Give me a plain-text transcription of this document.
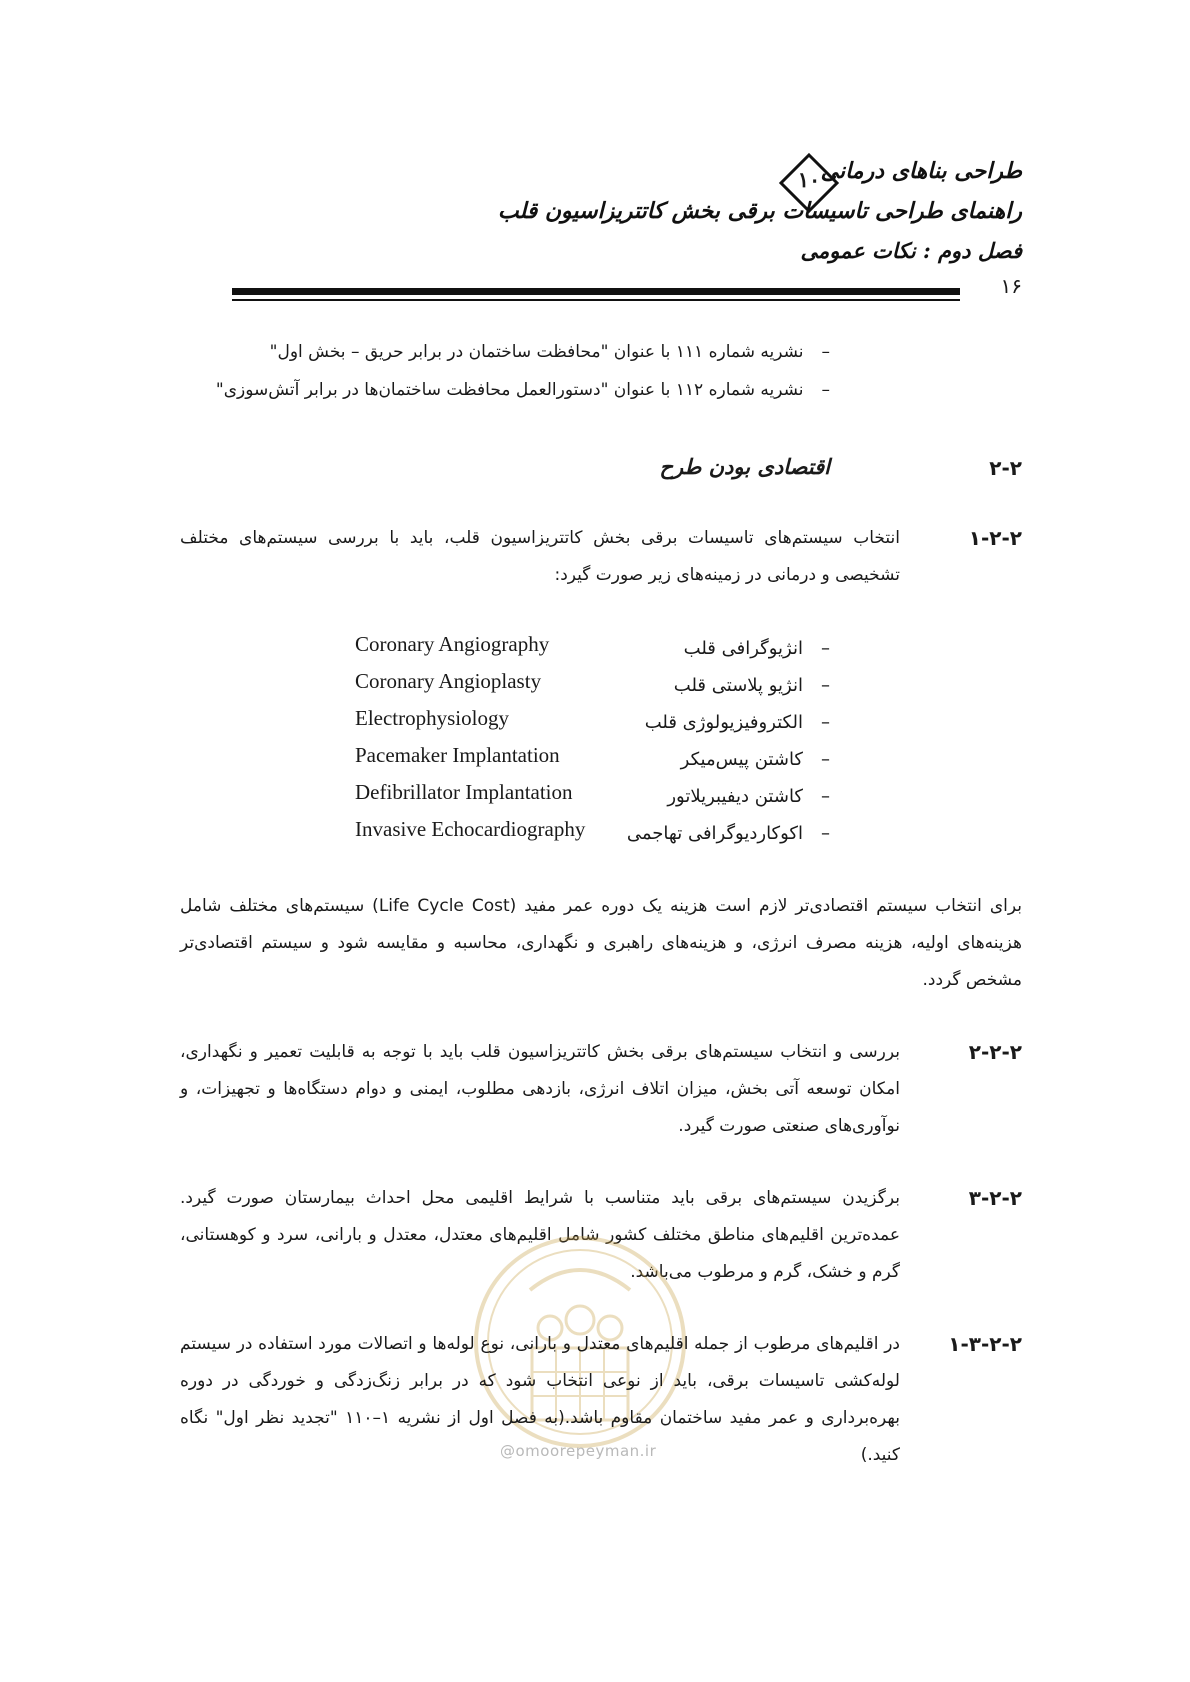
طراحی بناهای درمانی
۱۰
راهنمای طراحی تاسیسات برقی بخش کاتتریزاسیون قلب
فصل دوم : نکات عمومی
۱۶
–نشریه شماره ۱۱۱ با عنوان "محافظت ساختمان در برابر حریق – بخش اول"
–نشریه شماره ۱۱۲ با عنوان "دستورالعمل محافظت ساختمان‌ها در برابر آتش‌سوزی"
۲-۲
اقتصادی بودن طرح
۱-۲-۲
انتخاب سیستم‌های تاسیسات برقی بخش کاتتریزاسیون قلب، باید با بررسی سیستم‌های مختلف تشخیصی و درمانی در زمینه‌های زیر صورت گیرد:
–انژیوگرافی قلب
Coronary Angiography
–انژیو پلاستی قلب
Coronary Angioplasty
–الکتروفیزیولوژی قلب
Electrophysiology
–کاشتن پیس‌میکر
Pacemaker Implantation
–کاشتن دیفیبریلاتور
Defibrillator Implantation
–اکوکاردیوگرافی تهاجمی
Invasive Echocardiography
برای انتخاب سیستم اقتصادی‌تر لازم است هزینه یک دوره عمر مفید (Life Cycle Cost) سیستم‌های مختلف شامل هزینه‌های اولیه، هزینه مصرف انرژی، و هزینه‌های راهبری و نگهداری، محاسبه و مقایسه شود و سیستم اقتصادی‌تر مشخص گردد.
۲-۲-۲
بررسی و انتخاب سیستم‌های برقی بخش کاتتریزاسیون قلب باید با توجه به قابلیت تعمیر و نگهداری، امکان توسعه آتی بخش، میزان اتلاف انرژی، بازدهی مطلوب، ایمنی و دوام دستگاه‌ها و تجهیزات، و نوآوری‌های صنعتی صورت گیرد.
۳-۲-۲
برگزیدن سیستم‌های برقی باید متناسب با شرایط اقلیمی محل احداث بیمارستان صورت گیرد. عمده‌ترین اقلیم‌های مناطق مختلف کشور شامل اقلیم‌های معتدل، معتدل و بارانی، سرد و کوهستانی، گرم و خشک، گرم و مرطوب می‌باشد.
۱-۳-۲-۲
در اقلیم‌های مرطوب از جمله اقلیم‌های معتدل و بارانی، نوع لوله‌ها و اتصالات مورد استفاده در سیستم لوله‌کشی تاسیسات برقی، باید از نوعی انتخاب شود که در برابر زنگ‌زدگی و خوردگی در دوره بهره‌برداری و عمر مفید ساختمان مقاوم باشد.(به فصل اول از نشریه ۱–۱۱۰ "تجدید نظر اول" نگاه کنید.)
@omoorepeyman.ir
